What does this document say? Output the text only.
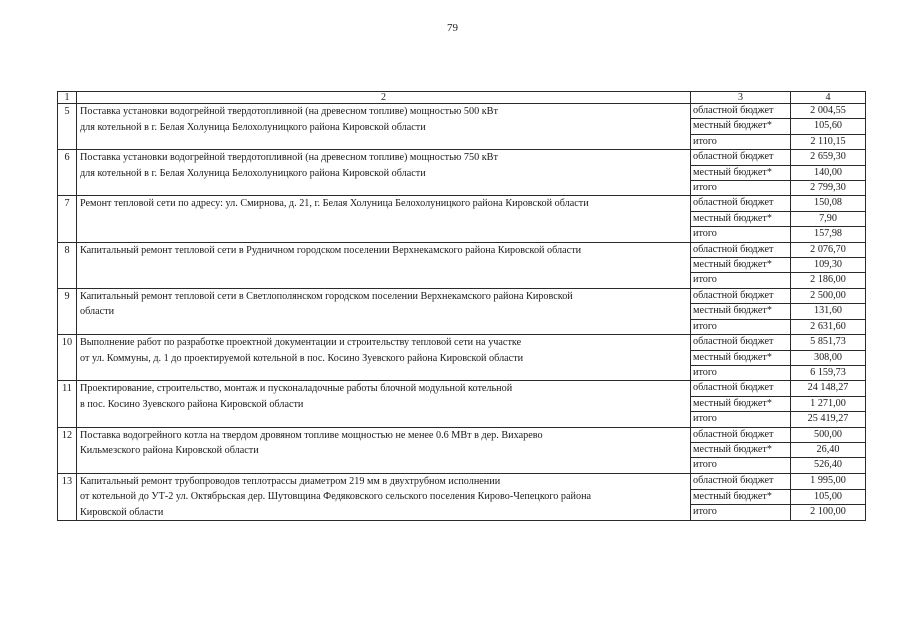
79
1	2	3	4
5	Поставка установки водогрейной твердотопливной (на древесном топливе) мощностью 500 кВт
для котельной в г. Белая Холуница Белохолуницкого района Кировской области	областной бюджет	2 004,55
		местный бюджет*	105,60
		итого	2 110,15
6	Поставка установки водогрейной твердотопливной (на древесном топливе) мощностью 750 кВт
для котельной в г. Белая Холуница Белохолуницкого района Кировской области	областной бюджет	2 659,30
		местный бюджет*	140,00
		итого	2 799,30
7	Ремонт тепловой сети по адресу: ул. Смирнова, д. 21, г. Белая Холуница Белохолуницкого района Кировской области	областной бюджет	150,08
		местный бюджет*	7,90
		итого	157,98
8	Капитальный ремонт тепловой сети в Рудничном городском поселении Верхнекамского района Кировской области	областной бюджет	2 076,70
		местный бюджет*	109,30
		итого	2 186,00
9	Капитальный ремонт тепловой сети в Светлополянском городском поселении Верхнекамского района Кировской
области	областной бюджет	2 500,00
		местный бюджет*	131,60
		итого	2 631,60
10	Выполнение работ по разработке проектной документации и строительству тепловой сети на участке
от ул. Коммуны, д. 1 до проектируемой котельной в пос. Косино Зуевского района Кировской области	областной бюджет	5 851,73
		местный бюджет*	308,00
		итого	6 159,73
11	Проектирование, строительство, монтаж и пусконаладочные работы блочной модульной котельной
в пос. Косино Зуевского района Кировской области	областной бюджет	24 148,27
		местный бюджет*	1 271,00
		итого	25 419,27
12	Поставка водогрейного котла на твердом дровяном топливе мощностью не менее 0.6 МВт в дер. Вихарево
Кильмезского района Кировской области	областной бюджет	500,00
		местный бюджет*	26,40
		итого	526,40
13	Капитальный ремонт трубопроводов теплотрассы диаметром 219 мм в двухтрубном исполнении
от котельной до УТ-2 ул. Октябрьская дер. Шутовщина Федяковского сельского поселения Кирово-Чепецкого района
Кировской области	областной бюджет	1 995,00
		местный бюджет*	105,00
		итого	2 100,00
